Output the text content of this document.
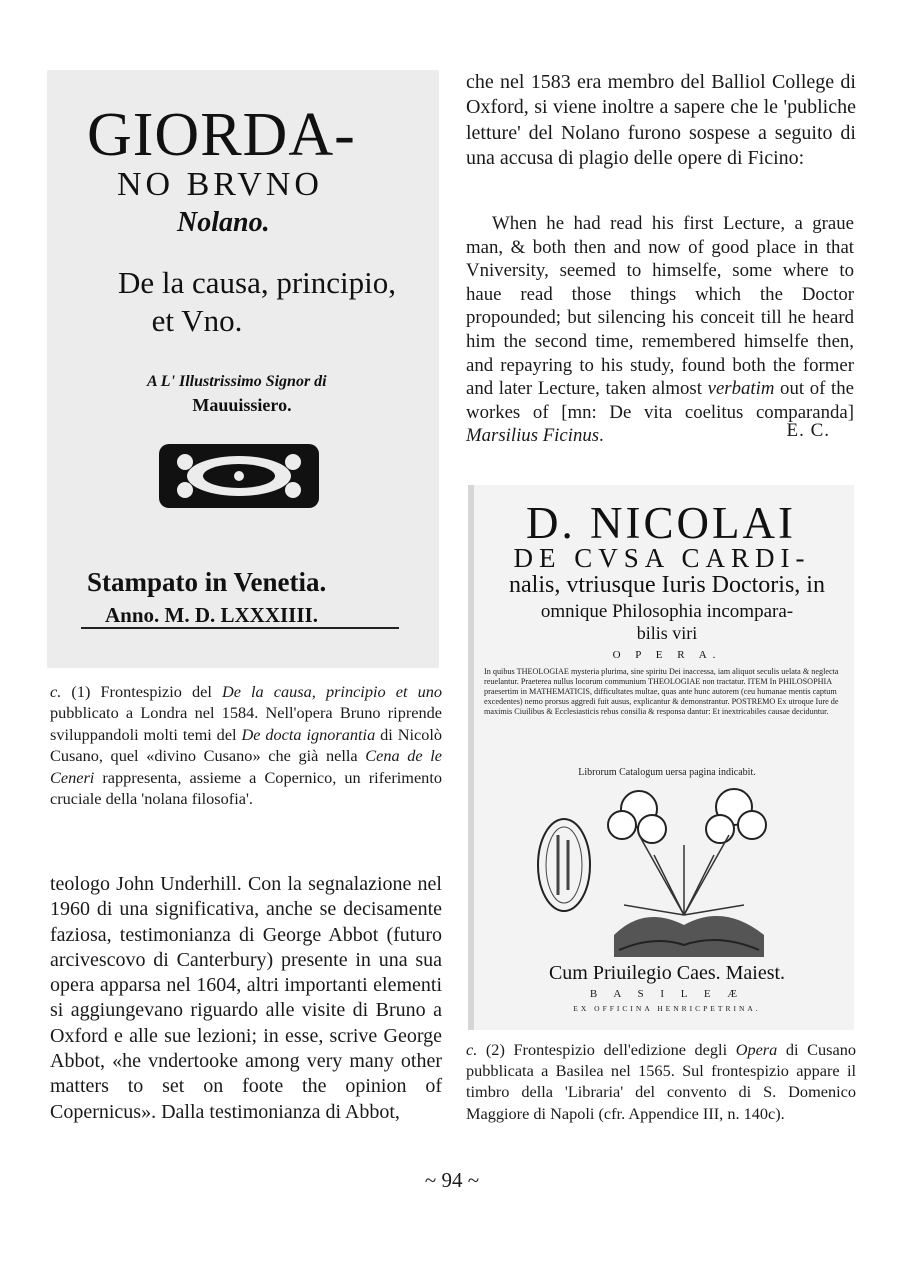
GIORDA-
NO BRVNO
Nolano.
De la causa, principio,
et Vno.
A L' Illustrissimo Signor di
Mauuissiero.
Stampato in Venetia.
Anno. M. D. LXXXIIII.
c. (1) Frontespizio del De la causa, principio et uno pubblicato a Londra nel 1584. Nell'opera Bruno riprende sviluppandoli molti temi del De docta ignorantia di Nicolò Cusano, quel «divino Cusano» che già nella Cena de le Ceneri rappresenta, assieme a Copernico, un riferimento cruciale della 'nolana filosofia'.
teologo John Underhill. Con la segnalazione nel 1960 di una significativa, anche se decisamente faziosa, testimonianza di George Abbot (futuro arcivescovo di Canterbury) presente in una sua opera apparsa nel 1604, altri importanti elementi si aggiungevano riguardo alle visite di Bruno a Oxford e alle sue lezioni; in esse, scrive George Abbot, «he vndertooke among very many other matters to set on foote the opinion of Copernicus». Dalla testimonianza di Abbot,
che nel 1583 era membro del Balliol College di Oxford, si viene inoltre a sapere che le 'publiche letture' del Nolano furono sospese a seguito di una accusa di plagio delle opere di Ficino:
When he had read his first Lecture, a graue man, & both then and now of good place in that Vniversity, seemed to himselfe, some where to haue read those things which the Doctor propounded; but silencing his conceit till he heard him the second time, remembered himselfe then, and repayring to his study, found both the former and later Lecture, taken almost verbatim out of the workes of [mn: De vita coelitus comparanda] Marsilius Ficinus.	E. C.
D. NICOLAI
DE CVSA CARDI-
nalis, vtriusque Iuris Doctoris, in
omnique Philosophia incompara-
bilis viri
O P E R A.
In quibus THEOLOGIAE mysteria plurima, sine spiritu Dei inaccessa, iam aliquot seculis uelata & neglecta reuelantur. Praeterea nullus locorum communium THEOLOGIAE non tractatur. ITEM In PHILOSOPHIA praesertim in MATHEMATICIS, difficultates multae, quas ante hunc autorem (ceu humanae mentis captum excedentes) nemo prorsus aggredi fuit ausus, explicantur & demonstrantur. POSTREMO Ex utroque Iure de maximis Ciuilibus & Ecclesiasticis rebus consilia & responsa dantur: Et inextricabiles causae deciduntur.
Librorum Catalogum uersa pagina indicabit.
Cum Priuilegio Caes. Maiest.
B A S I L E Æ
EX OFFICINA HENRICPETRINA.
c. (2) Frontespizio dell'edizione degli Opera di Cusano pubblicata a Basilea nel 1565. Sul frontespizio appare il timbro della 'Libraria' del convento di S. Domenico Maggiore di Napoli (cfr. Appendice III, n. 140c).
~ 94 ~
